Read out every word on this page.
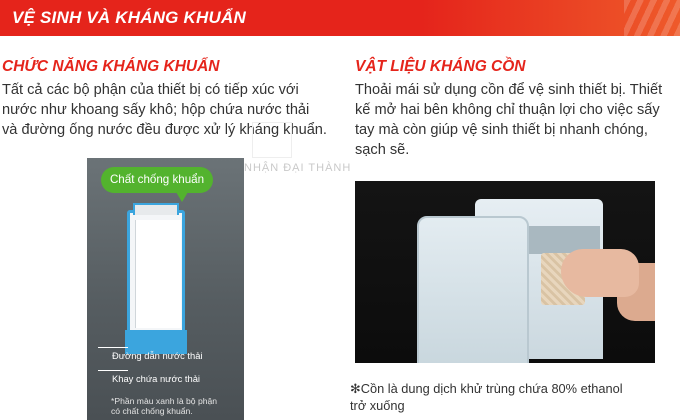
VỆ SINH VÀ KHÁNG KHUẨN
CHỨC NĂNG KHÁNG KHUẨN
Tất cả các bộ phận của thiết bị có tiếp xúc với
nước như khoang sấy khô; hộp chứa nước thải
và đường ống nước đều được xử lý kháng khuẩn.
VẬT LIỆU KHÁNG CỒN
Thoải mái sử dụng cồn để vệ sinh thiết bị. Thiết
kế mở hai bên không chỉ thuận lợi cho việc sấy
tay mà còn giúp vệ sinh thiết bị nhanh chóng,
sạch sẽ.
NHẬN ĐẠI THÀNH
Chất chống khuẩn
Đường dẫn nước thải
Khay chứa nước thải
*Phần màu xanh là bộ phận
có chất chống khuẩn.
✻Cồn là dung dịch khử trùng chứa 80% ethanol
trở xuống
